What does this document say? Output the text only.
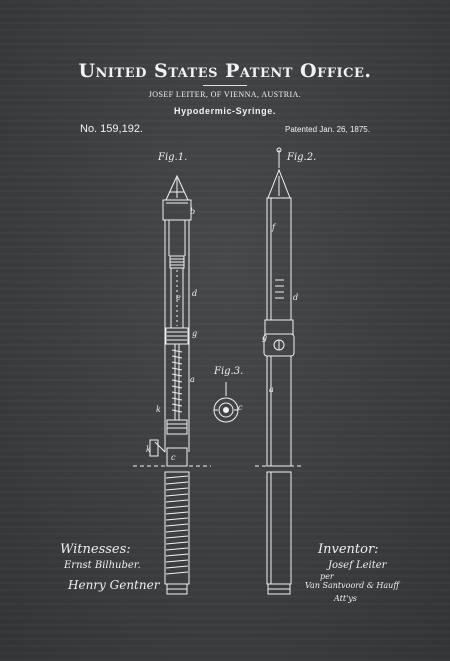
United States Patent Office.
JOSEF LEITER, OF VIENNA, AUSTRIA.
Hypodermic-Syringe.
No. 159,192.	Patented Jan. 26, 1875.
b
d
e
g
a
k
k
c
f
d
g
a
c
Fig.1.	Fig.2.
Fig.3.
Witnesses:
Ernst Bilhuber.
Henry Gentner
Inventor:
Josef Leiter
per
Van Santvoord & Hauff
Att'ys
